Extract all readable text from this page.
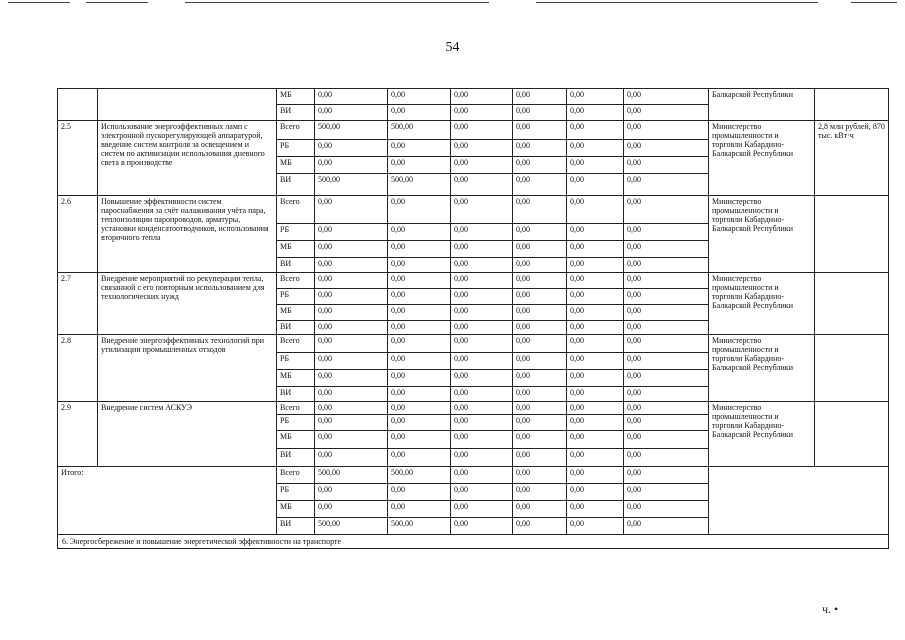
54
		МБ	0,00	0,00	0,00	0,00	0,00	0,00	Балкарской Республики	
		ВИ	0,00	0,00	0,00	0,00	0,00	0,00		
2.5	Использование энергоэффективных ламп с электронной пускорегулирующей аппаратурой, введение систем контроля за освещением и систем по активизации использования дневного света в производстве	Всего	500,00	500,00	0,00	0,00	0,00	0,00	Министерство промышленности и торговли Кабардино-Балкарской Республики	2,8 млн рублей, 870 тыс. кВт·ч
		РБ	0,00	0,00	0,00	0,00	0,00	0,00		
		МБ	0,00	0,00	0,00	0,00	0,00	0,00		
		ВИ	500,00	500,00	0,00	0,00	0,00	0,00		
2.6	Повышение эффективности систем пароснабжения за счёт налаживания учёта пара, теплоизоляции паропроводов, арматуры, установки конденсатоотводчиков, использования вторичного тепла	Всего	0,00	0,00	0,00	0,00	0,00	0,00	Министерство промышленности и торговли Кабардино-Балкарской Республики	
		РБ	0,00	0,00	0,00	0,00	0,00	0,00		
		МБ	0,00	0,00	0,00	0,00	0,00	0,00		
		ВИ	0,00	0,00	0,00	0,00	0,00	0,00		
2.7	Внедрение мероприятий по рекуперации тепла, связанной с его повторным использованием для технологических нужд	Всего	0,00	0,00	0,00	0,00	0,00	0,00	Министерство промышленности и торговли Кабардино-Балкарской Республики	
		РБ	0,00	0,00	0,00	0,00	0,00	0,00		
		МБ	0,00	0,00	0,00	0,00	0,00	0,00		
		ВИ	0,00	0,00	0,00	0,00	0,00	0,00		
2.8	Внедрение энергоэффективных технологий при утилизации промышленных отходов	Всего	0,00	0,00	0,00	0,00	0,00	0,00	Министерство промышленности и торговли Кабардино-Балкарской Республики	
		РБ	0,00	0,00	0,00	0,00	0,00	0,00		
		МБ	0,00	0,00	0,00	0,00	0,00	0,00		
		ВИ	0,00	0,00	0,00	0,00	0,00	0,00		
2.9	Внедрение систем АСКУЭ	Всего	0,00	0,00	0,00	0,00	0,00	0,00	Министерство промышленности и торговли Кабардино-Балкарской Республики	
		РБ	0,00	0,00	0,00	0,00	0,00	0,00		
		МБ	0,00	0,00	0,00	0,00	0,00	0,00		
		ВИ	0,00	0,00	0,00	0,00	0,00	0,00		
Итого:		Всего	500,00	500,00	0,00	0,00	0,00	0,00		
		РБ	0,00	0,00	0,00	0,00	0,00	0,00		
		МБ	0,00	0,00	0,00	0,00	0,00	0,00		
		ВИ	500,00	500,00	0,00	0,00	0,00	0,00		
6. Энергосбережение и повышение энергетической эффективности на транспорте										
ч. •
